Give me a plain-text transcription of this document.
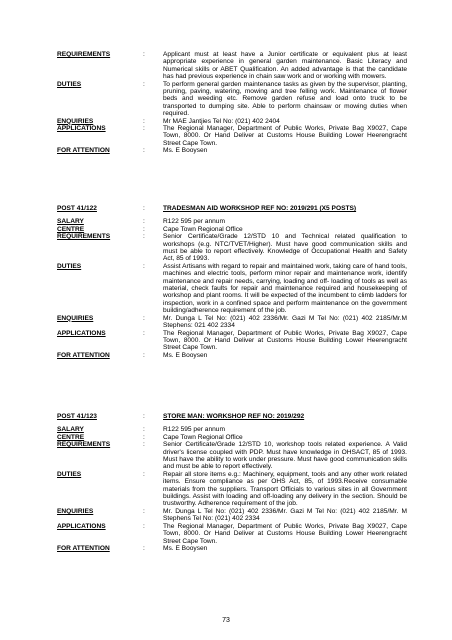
REQUIREMENTS	:	Applicant must at least have a Junior certificate or equivalent plus at least appropriate experience in general garden maintenance. Basic Literacy and Numerical skills or ABET Qualification. An added advantage is that the candidate has had previous experience in chain saw work and or working with mowers.
DUTIES	:	To perform general garden maintenance tasks as given by the supervisor, planting, pruning, paving, watering, mowing and tree felling work. Maintenance of flower beds and weeding etc. Remove garden refuse and load onto truck to be transported to dumping site. Able to perform chainsaw or mowing duties when required.
ENQUIRIES	:	Mr MAE Jantjies Tel No: (021) 402 2404
APPLICATIONS	:	The Regional Manager, Department of Public Works, Private Bag X9027, Cape Town, 8000. Or Hand Deliver at Customs House Building Lower Heerengracht Street Cape Town.
FOR ATTENTION	:	Ms. E Booysen
POST 41/122	:	TRADESMAN AID WORKSHOP REF NO: 2019/291 (X5 POSTS)
SALARY	:	R122 595 per annum
CENTRE	:	Cape Town Regional Office
REQUIREMENTS	:	Senior Certificate/Grade 12/STD 10 and Technical related qualification to workshops (e.g. NTC/TVET/Higher). Must have good communication skills and must be able to report effectively. Knowledge of Occupational Health and Safety Act, 85 of 1993.
DUTIES	:	Assist Artisans with regard to repair and maintained work, taking care of hand tools, machines and electric tools, perform minor repair and maintenance work, identify maintenance and repair needs, carrying, loading and off- loading of tools as well as material, check faults for repair and maintenance required and housekeeping of workshop and plant rooms. It will be expected of the incumbent to climb ladders for inspection, work in a confined space and perform maintenance on the government building/adherence requirement of the job.
ENQUIRIES	:	Mr. Dunga L Tel No: (021) 402 2336/Mr. Gazi M Tel No: (021) 402 2185/Mr.M Stephens: 021 402 2334
APPLICATIONS	:	The Regional Manager, Department of Public Works, Private Bag X9027, Cape Town, 8000. Or Hand Deliver at Customs House Building Lower Heerengracht Street Cape Town.
FOR ATTENTION	:	Ms. E Booysen
POST 41/123	:	STORE MAN: WORKSHOP REF NO: 2019/292
SALARY	:	R122 595 per annum
CENTRE	:	Cape Town Regional Office
REQUIREMENTS	:	Senior Certificate/Grade 12/STD 10, workshop tools related experience. A Valid driver's license coupled with PDP. Must have knowledge in OHSACT, 85 of 1993. Must have the ability to work under pressure. Must have good communication skills and must be able to report effectively.
DUTIES	:	Repair all store items e.g.: Machinery, equipment, tools and any other work related items. Ensure compliance as per OHS Act, 85, of 1993.Receive consumable materials from the suppliers. Transport Officials to various sites in all Government buildings. Assist with loading and off-loading any delivery in the section. Should be trustworthy. Adherence requirement of the job.
ENQUIRIES	:	Mr. Dunga L Tel No: (021) 402 2336/Mr. Gazi M Tel No: (021) 402 2185/Mr. M Stephens Tel No: (021) 402 2334
APPLICATIONS	:	The Regional Manager, Department of Public Works, Private Bag X9027, Cape Town, 8000. Or Hand Deliver at Customs House Building Lower Heerengracht Street Cape Town.
FOR ATTENTION	:	Ms. E Booysen
73
